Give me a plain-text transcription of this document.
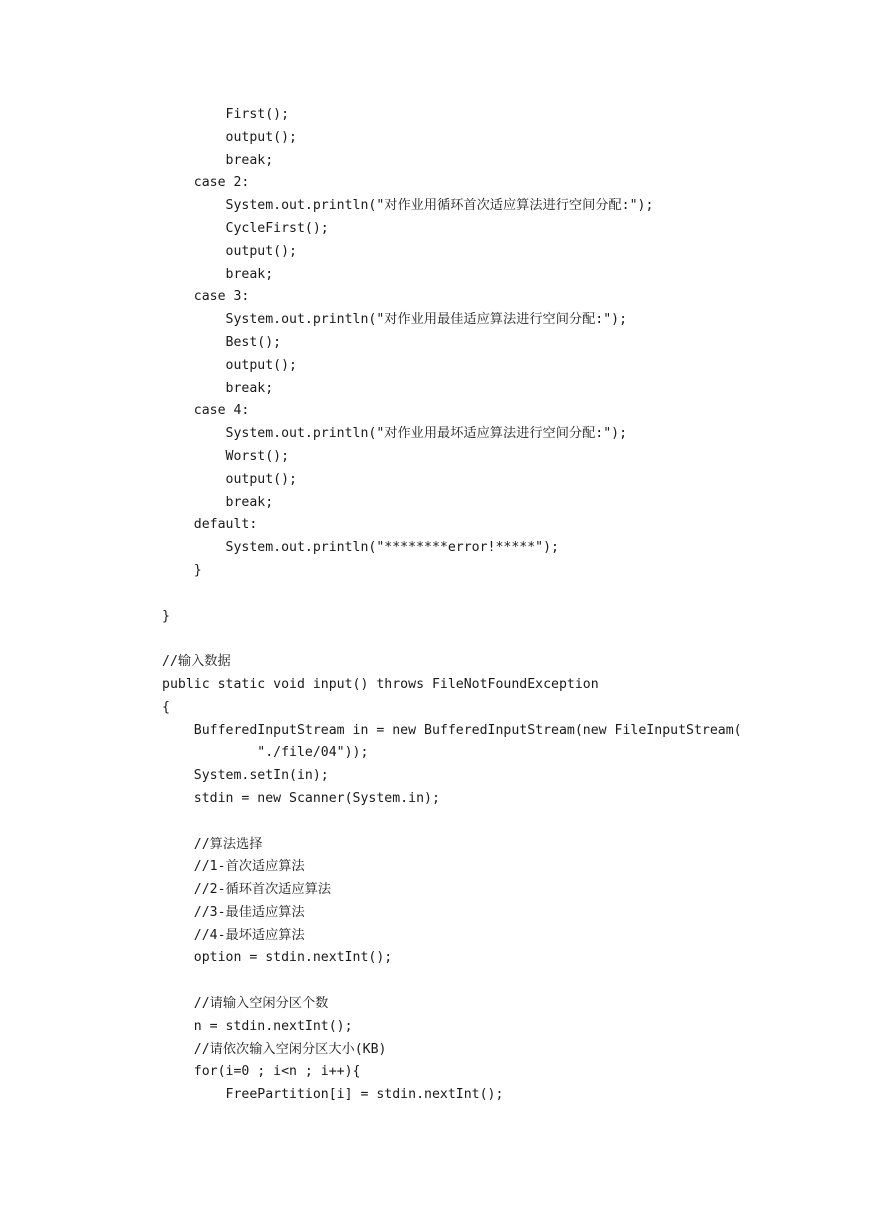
First();
output();
break;
case 2:
System.out.println("对作业用循环首次适应算法进行空间分配:");
CycleFirst();
output();
break;
case 3:
System.out.println("对作业用最佳适应算法进行空间分配:");
Best();
output();
break;
case 4:
System.out.println("对作业用最坏适应算法进行空间分配:");
Worst();
output();
break;
default:
System.out.println("********error!*****");
}
}
//输入数据
public static void input() throws FileNotFoundException
{
BufferedInputStream in = new BufferedInputStream(new FileInputStream(
"./file/04"));
System.setIn(in);
stdin = new Scanner(System.in);
//算法选择
//1-首次适应算法
//2-循环首次适应算法
//3-最佳适应算法
//4-最坏适应算法
option = stdin.nextInt();
//请输入空闲分区个数
n = stdin.nextInt();
//请依次输入空闲分区大小(KB)
for(i=0 ; i<n ; i++){
FreePartition[i] = stdin.nextInt();
